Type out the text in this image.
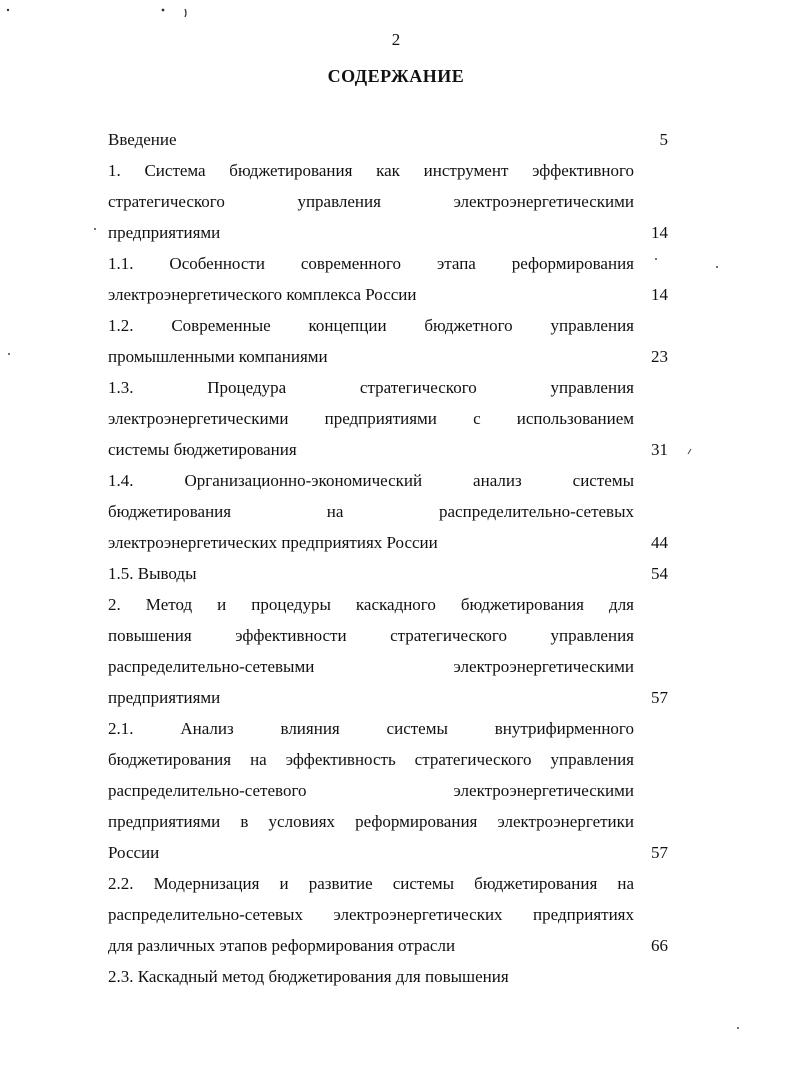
2
СОДЕРЖАНИЕ
Введение	5
1. Система бюджетирования как инструмент эффективного
стратегического управления электроэнергетическими
предприятиями	14
1.1. Особенности современного этапа реформирования
электроэнергетического комплекса России	14
1.2. Современные концепции бюджетного управления
промышленными компаниями	23
1.3. Процедура стратегического управления
электроэнергетическими предприятиями с использованием
системы бюджетирования	31
1.4. Организационно-экономический анализ системы
бюджетирования на распределительно-сетевых
электроэнергетических предприятиях России	44
1.5. Выводы	54
2. Метод и процедуры каскадного бюджетирования для
повышения эффективности стратегического управления
распределительно-сетевыми электроэнергетическими
предприятиями	57
2.1. Анализ влияния системы внутрифирменного
бюджетирования на эффективность стратегического управления
распределительно-сетевого электроэнергетическими
предприятиями в условиях реформирования электроэнергетики
России	57
2.2. Модернизация и развитие системы бюджетирования на
распределительно-сетевых электроэнергетических предприятиях
для различных этапов реформирования отрасли	66
2.3. Каскадный метод бюджетирования для повышения
